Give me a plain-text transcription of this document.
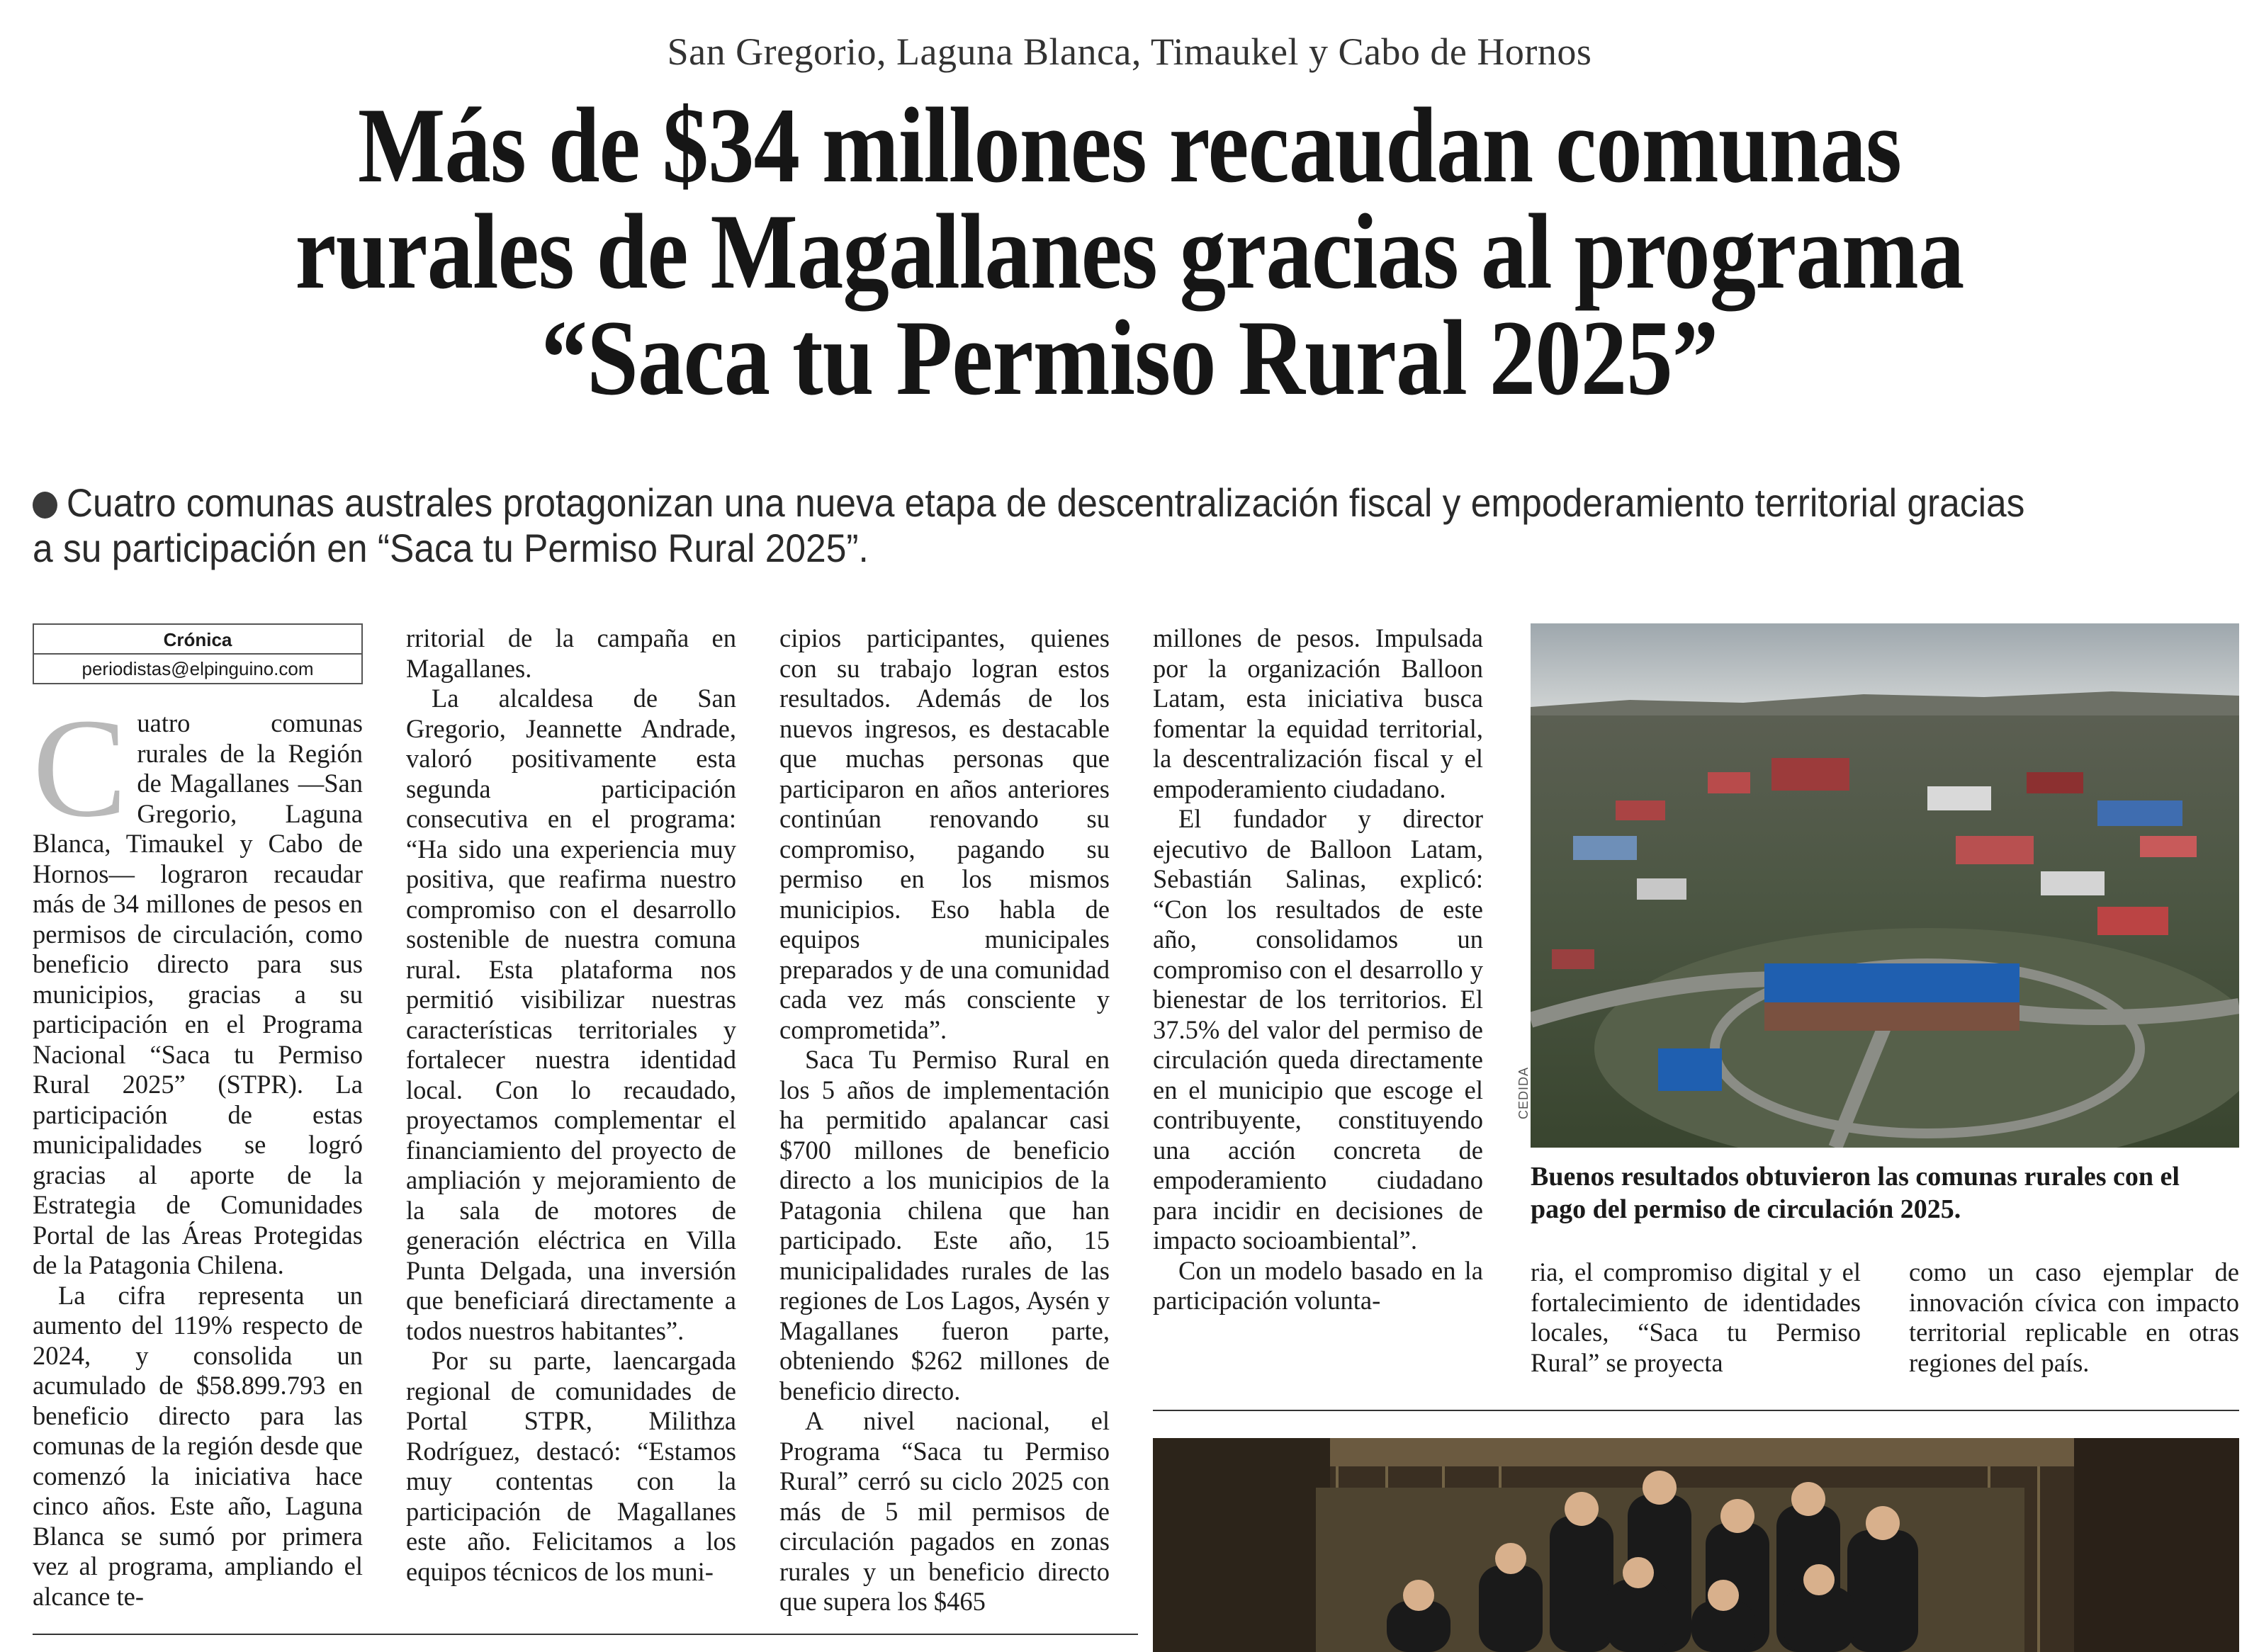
San Gregorio, Laguna Blanca, Timaukel y Cabo de Hornos
Más de $34 millones recaudan comunas
rurales de Magallanes gracias al programa
“Saca tu Permiso Rural 2025”
Cuatro comunas australes protagonizan una nueva etapa de descentralización fiscal y empoderamiento territorial gracias a su participación en “Saca tu Permiso Rural 2025”.
Crónica
periodistas@elpinguino.com

Cuatro comunas rurales de la Región de Magallanes —San Gregorio, Laguna Blanca, Timaukel y Cabo de Hornos— lograron recaudar más de 34 millones de pesos en permisos de circulación, como beneficio directo para sus municipios, gracias a su participación en el Programa Nacional “Saca tu Permiso Rural 2025” (STPR). La participación de estas municipalidades se logró gracias al aporte de la Estrategia de Comunidades Portal de las Áreas Protegidas de la Patagonia Chilena.

La cifra representa un aumento del 119% respecto de 2024, y consolida un acumulado de $58.899.793 en beneficio directo para las comunas de la región desde que comenzó la iniciativa hace cinco años. Este año, Laguna Blanca se sumó por primera vez al programa, ampliando el alcance te-

rritorial de la campaña en Magallanes.

La alcaldesa de San Gregorio, Jeannette Andrade, valoró positivamente esta segunda participación consecutiva en el programa: “Ha sido una experiencia muy positiva, que reafirma nuestro compromiso con el desarrollo sostenible de nuestra comuna rural. Esta plataforma nos permitió visibilizar nuestras características territoriales y fortalecer nuestra identidad local. Con lo recaudado, proyectamos complementar el financiamiento del proyecto de ampliación y mejoramiento de la sala de motores de generación eléctrica en Villa Punta Delgada, una inversión que beneficiará directamente a todos nuestros habitantes”.

Por su parte, laencargada regional de comunidades de Portal STPR, Milithza Rodríguez, destacó: “Estamos muy contentas con la participación de Magallanes este año. Felicitamos a los equipos técnicos de los muni-

cipios participantes, quienes con su trabajo logran estos resultados. Además de los nuevos ingresos, es destacable que muchas personas que participaron en años anteriores continúan renovando su compromiso, pagando su permiso en los mismos municipios. Eso habla de equipos municipales preparados y de una comunidad cada vez más consciente y comprometida”.

Saca Tu Permiso Rural en los 5 años de implementación ha permitido apalancar casi $700 millones de beneficio directo a los municipios de la Patagonia chilena que han participado. Este año, 15 municipalidades rurales de las regiones de Los Lagos, Aysén y Magallanes fueron parte, obteniendo $262 millones de beneficio directo.

A nivel nacional, el Programa “Saca tu Permiso Rural” cerró su ciclo 2025 con más de 5 mil permisos de circulación pagados en zonas rurales y un beneficio directo que supera los $465

millones de pesos. Impulsada por la organización Balloon Latam, esta iniciativa busca fomentar la equidad territorial, la descentralización fiscal y el empoderamiento ciudadano.

El fundador y director ejecutivo de Balloon Latam, Sebastián Salinas, explicó: “Con los resultados de este año, consolidamos un compromiso con el desarrollo y bienestar de los territorios. El 37.5% del valor del permiso de circulación queda directamente en el municipio que escoge el contribuyente, constituyendo una acción concreta de empoderamiento ciudadano para incidir en decisiones de impacto socioambiental”.

Con un modelo basado en la participación volunta-

CEDIDA
Buenos resultados obtuvieron las comunas rurales con el pago del permiso de circulación 2025.

ria, el compromiso digital y el fortalecimiento de identidades locales, “Saca tu Permiso Rural” se proyecta

como un caso ejemplar de innovación cívica con impacto territorial replicable en otras regiones del país.
